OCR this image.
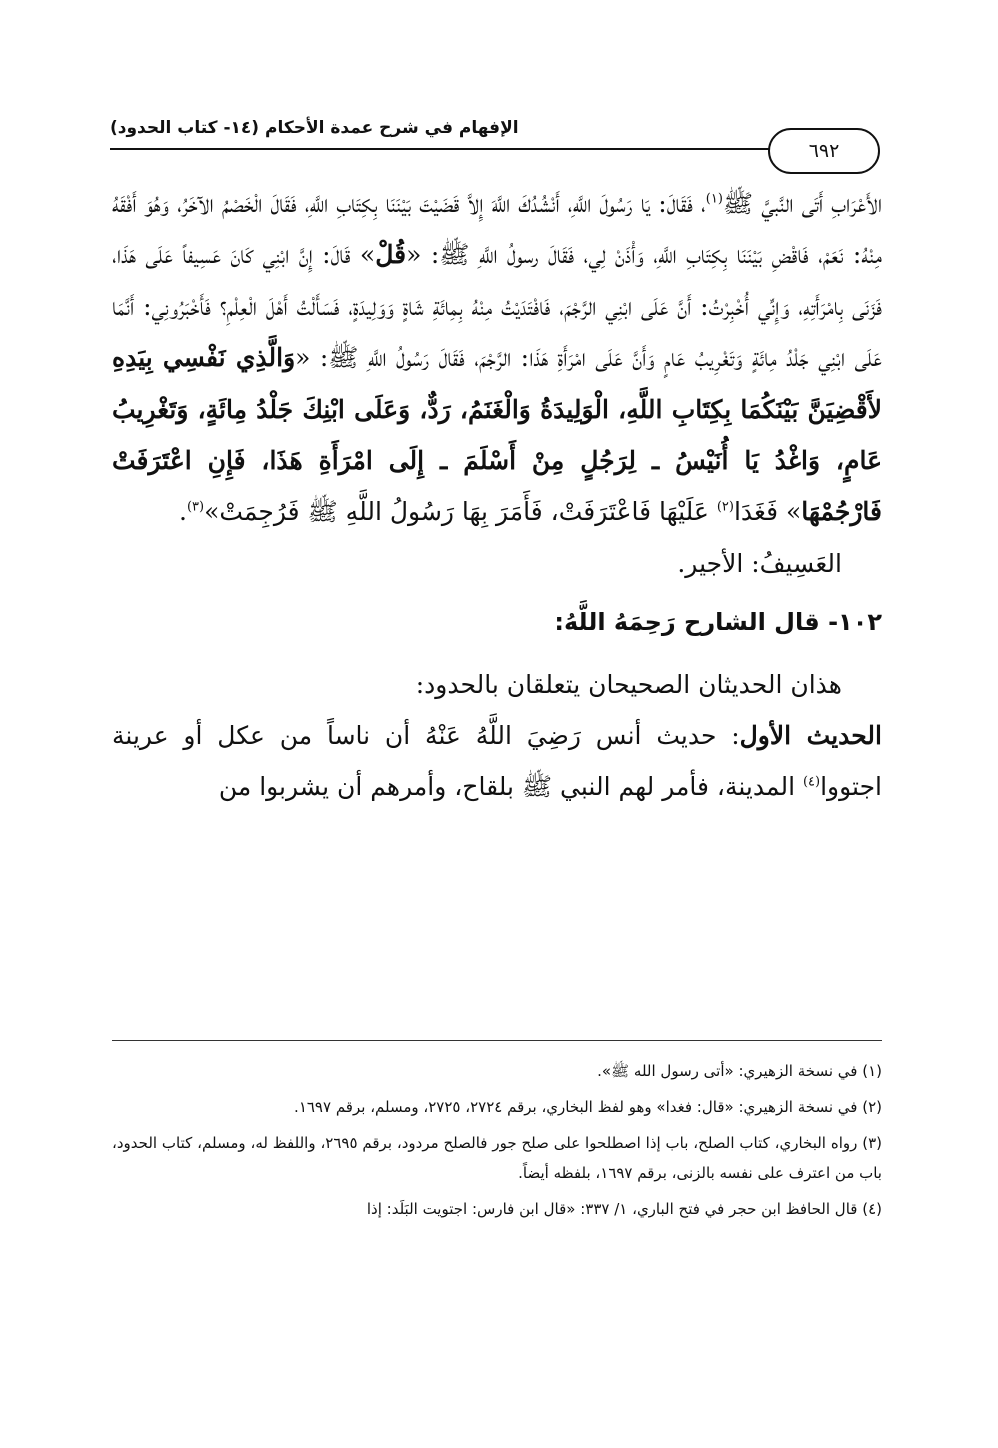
الإفهام في شرح عمدة الأحكام (١٤- كتاب الحدود)
٦٩٢

الأَعْرَابِ أَتَى النَّبيَّ ﷺ$^{(١)}$، فَقَالَ: يَا رَسُولَ اللَّهِ، أَنْشُدُكَ اللَّهَ إِلاَّ قَضَيْتَ بَيْنَنَا بِكِتَابِ اللَّهِ، فَقَالَ الْخَصْمُ الآخَرُ، وَهُوَ أَفْقَهُ مِنْهُ: نَعَمْ، فَاقْضِ بَيْنَنَا بِكِتَابِ اللَّهِ، وَأْذَنْ لِي، فَقَالَ رسولُ اللَّهِ ﷺ: «قُلْ» قَالَ: إِنَّ ابْنِي كَانَ عَسِيفاً عَلَى هَذَا، فَزَنَى بِامْرَأَتِهِ، وَإِنِّي أُخْبِرْتُ: أَنَّ عَلَى ابْنِي الرَّجْمَ، فَافْتَدَيْتُ مِنْهُ بِمِائَةِ شَاةٍ وَوَلِيدَةٍ، فَسَأَلْتُ أَهْلَ الْعِلْمِ؟ فَأَخْبَرُونِي: أَنَّمَا عَلَى ابْنِي جَلْدُ مِائَةٍ وَتَغْرِيبُ عَامٍ وَأَنَّ عَلَى امْرَأَةِ هَذَا: الرَّجْمَ، فَقَالَ رَسُولُ اللَّهِ ﷺ: «وَالَّذِي نَفْسِي بِيَدِهِ لأَقْضِيَنَّ بَيْنَكُمَا بِكِتَابِ اللَّهِ، الْوَلِيدَةُ وَالْغَنَمُ، رَدٌّ، وَعَلَى ابْنِكَ جَلْدُ مِائَةٍ، وَتَغْرِيبُ عَامٍ، وَاغْدُ يَا أُنَيْسُ ـ لِرَجُلٍ مِنْ أَسْلَمَ ـ إِلَى امْرَأَةِ هَذَا، فَإِنِ اعْتَرَفَتْ فَارْجُمْهَا» فَغَدَا$^{(٢)}$ عَلَيْهَا فَاعْتَرَفَتْ، فَأَمَرَ بِهَا رَسُولُ اللَّهِ ﷺ فَرُجِمَتْ»$^{(٣)}$.

العَسِيفُ: الأجير.

١٠٢- قال الشارح رَحِمَهُ اللَّهُ:

هذان الحديثان الصحيحان يتعلقان بالحدود:

الحديث الأول: حديث أنس رَضِيَ اللَّهُ عَنْهُ أن ناساً من عكل أو عرينة اجتووا$^{(٤)}$ المدينة، فأمر لهم النبي ﷺ بلقاح، وأمرهم أن يشربوا من

(١) في نسخة الزهيري: «أتى رسول الله ﷺ».

(٢) في نسخة الزهيري: «قال: فغدا» وهو لفظ البخاري، برقم ٢٧٢٤، ٢٧٢٥، ومسلم، برقم ١٦٩٧.

(٣) رواه البخاري، كتاب الصلح، باب إذا اصطلحوا على صلح جور فالصلح مردود، برقم ٢٦٩٥، واللفظ له، ومسلم، كتاب الحدود، باب من اعترف على نفسه بالزنى، برقم ١٦٩٧، بلفظه أيضاً.

(٤) قال الحافظ ابن حجر في فتح الباري، ١/ ٣٣٧: «قال ابن فارس: اجتويت البَلَد: إذا
